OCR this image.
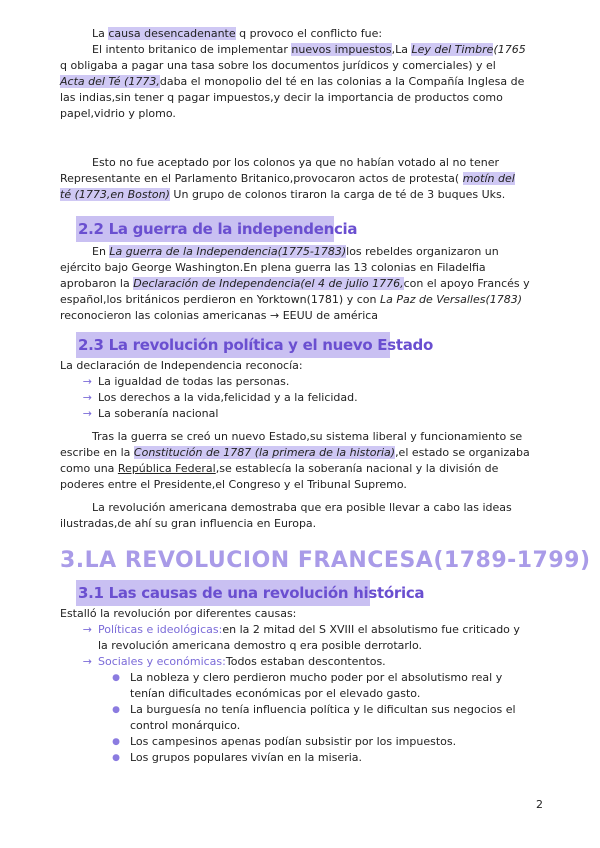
La causa desencadenante q provoco el conflicto fue:
El intento britanico de implementar nuevos impuestos,La Ley del Timbre(1765
q obligaba a pagar una tasa sobre los documentos jurídicos y comerciales) y el
Acta del Té (1773,daba el monopolio del té en las colonias a la Compañía Inglesa de
las indias,sin tener q pagar impuestos,y decir la importancia de productos como
papel,vidrio y plomo.
Esto no fue aceptado por los colonos ya que no habían votado al no tener
Representante en el Parlamento Britanico,provocaron actos de protesta( motín del
té (1773,en Boston) Un grupo de colonos tiraron la carga de té de 3 buques Uks.
2.2 La guerra de la independencia
En La guerra de la Independencia(1775-1783)los rebeldes organizaron un
ejército bajo George Washington.En plena guerra las 13 colonias en Filadelfia
aprobaron la Declaración de Independencia(el 4 de julio 1776,con el apoyo Francés y
español,los británicos perdieron en Yorktown(1781) y con La Paz de Versalles(1783)
reconocieron las colonias americanas → EEUU de américa
2.3 La revolución política y el nuevo Estado
La declaración de Independencia reconocía:
→ La igualdad de todas las personas.
→ Los derechos a la vida,felicidad y a la felicidad.
→ La soberanía nacional
Tras la guerra se creó un nuevo Estado,su sistema liberal y funcionamiento se
escribe en la Constitución de 1787 (la primera de la historia),el estado se organizaba
como una República Federal,se establecía la soberanía nacional y la división de
poderes entre el Presidente,el Congreso y el Tribunal Supremo.
La revolución americana demostraba que era posible llevar a cabo las ideas
ilustradas,de ahí su gran influencia en Europa.
3.LA REVOLUCION FRANCESA(1789-1799)
3.1 Las causas de una revolución histórica
Estalló la revolución por diferentes causas:
→ Políticas e ideológicas:en la 2 mitad del S XVIII el absolutismo fue criticado y
la revolución americana demostro q era posible derrotarlo.
→ Sociales y económicas:Todos estaban descontentos.
● La nobleza y clero perdieron mucho poder por el absolutismo real y
tenían dificultades económicas por el elevado gasto.
● La burguesía no tenía influencia política y le dificultan sus negocios el
control monárquico.
● Los campesinos apenas podían subsistir por los impuestos.
● Los grupos populares vivían en la miseria.
2
